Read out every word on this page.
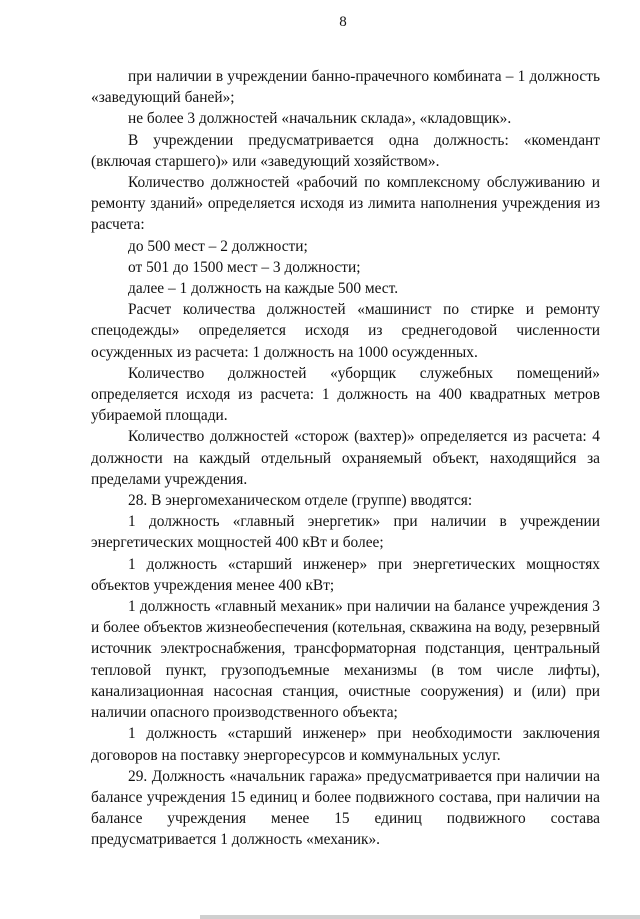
8

при наличии в учреждении банно-прачечного комбината – 1 должность «заведующий баней»;

не более 3 должностей «начальник склада», «кладовщик».

В учреждении предусматривается одна должность: «комендант (включая старшего)» или «заведующий хозяйством».

Количество должностей «рабочий по комплексному обслуживанию и ремонту зданий» определяется исходя из лимита наполнения учреждения из расчета:

до 500 мест – 2 должности;

от 501 до 1500 мест – 3 должности;

далее – 1 должность на каждые 500 мест.

Расчет количества должностей «машинист по стирке и ремонту спецодежды» определяется исходя из среднегодовой численности осужденных из расчета: 1 должность на 1000 осужденных.

Количество должностей «уборщик служебных помещений» определяется исходя из расчета: 1 должность на 400 квадратных метров убираемой площади.

Количество должностей «сторож (вахтер)» определяется из расчета: 4 должности на каждый отдельный охраняемый объект, находящийся за пределами учреждения.

28. В энергомеханическом отделе (группе) вводятся:

1 должность «главный энергетик» при наличии в учреждении энергетических мощностей 400 кВт и более;

1 должность «старший инженер» при энергетических мощностях объектов учреждения менее 400 кВт;

1 должность «главный механик» при наличии на балансе учреждения 3 и более объектов жизнеобеспечения (котельная, скважина на воду, резервный источник электроснабжения, трансформаторная подстанция, центральный тепловой пункт, грузоподъемные механизмы (в том числе лифты), канализационная насосная станция, очистные сооружения) и (или) при наличии опасного производственного объекта;

1 должность «старший инженер» при необходимости заключения договоров на поставку энергоресурсов и коммунальных услуг.

29. Должность «начальник гаража» предусматривается при наличии на балансе учреждения 15 единиц и более подвижного состава, при наличии на балансе учреждения менее 15 единиц подвижного состава предусматривается 1 должность «механик».
